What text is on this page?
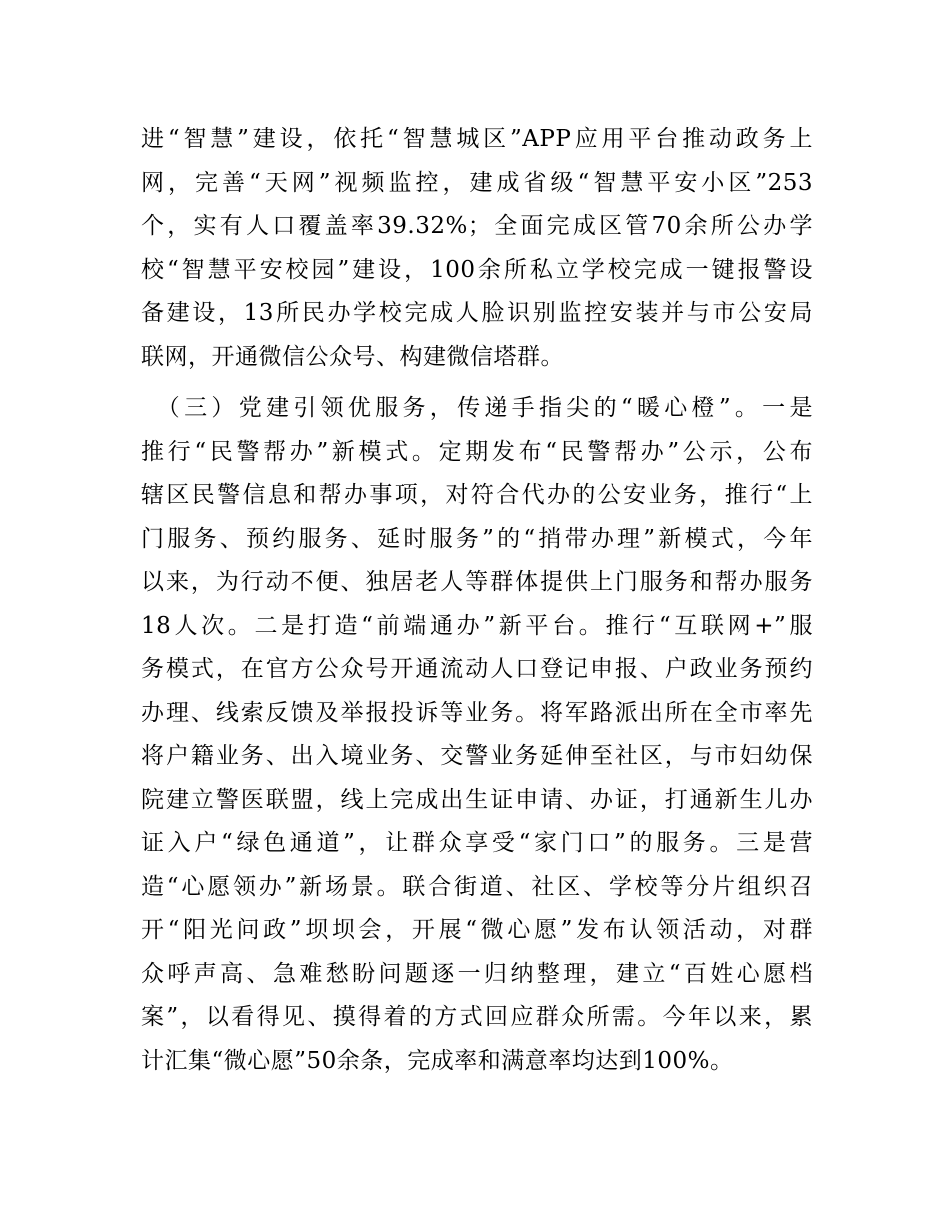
进“智慧”建设，依托“智慧城区”APP应用平台推动政务上
网，完善“天网”视频监控，建成省级“智慧平安小区”253
个，实有人口覆盖率39.32%；全面完成区管70余所公办学
校“智慧平安校园”建设，100余所私立学校完成一键报警设
备建设，13所民办学校完成人脸识别监控安装并与市公安局
联网，开通微信公众号、构建微信塔群。
　（三）党建引领优服务，传递手指尖的“暖心橙”。一是
推行“民警帮办”新模式。定期发布“民警帮办”公示，公布
辖区民警信息和帮办事项，对符合代办的公安业务，推行“上
门服务、预约服务、延时服务”的“捎带办理”新模式，今年
以来，为行动不便、独居老人等群体提供上门服务和帮办服务
18人次。二是打造“前端通办”新平台。推行“互联网+”服
务模式，在官方公众号开通流动人口登记申报、户政业务预约
办理、线索反馈及举报投诉等业务。将军路派出所在全市率先
将户籍业务、出入境业务、交警业务延伸至社区，与市妇幼保
院建立警医联盟，线上完成出生证申请、办证，打通新生儿办
证入户“绿色通道”，让群众享受“家门口”的服务。三是营
造“心愿领办”新场景。联合街道、社区、学校等分片组织召
开“阳光问政”坝坝会，开展“微心愿”发布认领活动，对群
众呼声高、急难愁盼问题逐一归纳整理，建立“百姓心愿档
案”，以看得见、摸得着的方式回应群众所需。今年以来，累
计汇集“微心愿”50余条，完成率和满意率均达到100%。
